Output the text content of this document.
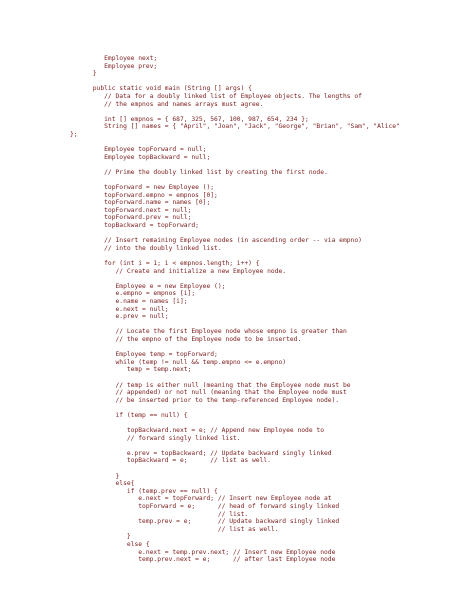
Employee next;
Employee prev;
}
public static void main (String [] args) {
// Data for a doubly linked list of Employee objects. The lengths of
// the empnos and names arrays must agree.
int [] empnos = { 687, 325, 567, 100, 987, 654, 234 };
String [] names = { "April", "Joan", "Jack", "George", "Brian", "Sam", "Alice"
};
Employee topForward = null;
Employee topBackward = null;
// Prime the doubly linked list by creating the first node.
topForward = new Employee ();
topForward.empno = empnos [0];
topForward.name = names [0];
topForward.next = null;
topForward.prev = null;
topBackward = topForward;
// Insert remaining Employee nodes (in ascending order -- via empno)
// into the doubly linked list.
for (int i = 1; i < empnos.length; i++) {
// Create and initialize a new Employee node.
Employee e = new Employee ();
e.empno = empnos [i];
e.name = names [i];
e.next = null;
e.prev = null;
// Locate the first Employee node whose empno is greater than
// the empno of the Employee node to be inserted.
Employee temp = topForward;
while (temp != null && temp.empno <= e.empno)
temp = temp.next;
// temp is either null (meaning that the Employee node must be
// appended) or not null (meaning that the Employee node must
// be inserted prior to the temp-referenced Employee node).
if (temp == null) {
topBackward.next = e; // Append new Employee node to
// forward singly linked list.
e.prev = topBackward; // Update backward singly linked
topBackward = e;      // list as well.
}
else{
if (temp.prev == null) {
e.next = topForward; // Insert new Employee node at
topForward = e;      // head of forward singly linked
// list.
temp.prev = e;       // Update backward singly linked
// list as well.
}
else {
e.next = temp.prev.next; // Insert new Employee node
temp.prev.next = e;      // after last Employee node
